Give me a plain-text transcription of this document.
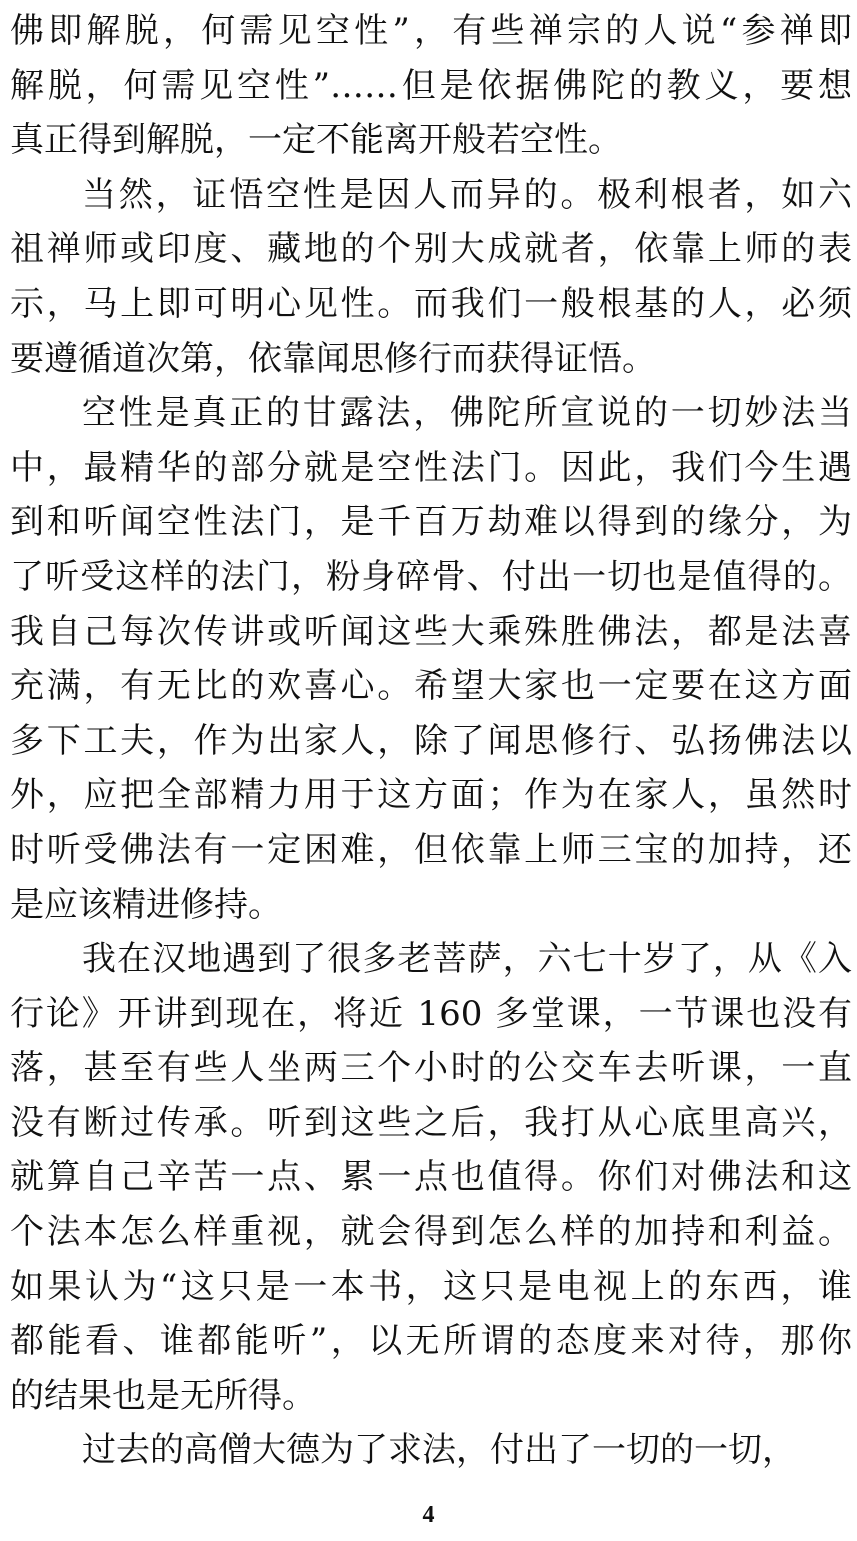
佛即解脱，何需见空性”，有些禅宗的人说“参禅即
解脱，何需见空性”……但是依据佛陀的教义，要想
真正得到解脱，一定不能离开般若空性。
当然，证悟空性是因人而异的。极利根者，如六
祖禅师或印度、藏地的个别大成就者，依靠上师的表
示，马上即可明心见性。而我们一般根基的人，必须
要遵循道次第，依靠闻思修行而获得证悟。
空性是真正的甘露法，佛陀所宣说的一切妙法当
中，最精华的部分就是空性法门。因此，我们今生遇
到和听闻空性法门，是千百万劫难以得到的缘分，为
了听受这样的法门，粉身碎骨、付出一切也是值得的。
我自己每次传讲或听闻这些大乘殊胜佛法，都是法喜
充满，有无比的欢喜心。希望大家也一定要在这方面
多下工夫，作为出家人，除了闻思修行、弘扬佛法以
外，应把全部精力用于这方面；作为在家人，虽然时
时听受佛法有一定困难，但依靠上师三宝的加持，还
是应该精进修持。
我在汉地遇到了很多老菩萨，六七十岁了，从《入
行论》开讲到现在，将近 160 多堂课，一节课也没有
落，甚至有些人坐两三个小时的公交车去听课，一直
没有断过传承。听到这些之后，我打从心底里高兴，
就算自己辛苦一点、累一点也值得。你们对佛法和这
个法本怎么样重视，就会得到怎么样的加持和利益。
如果认为“这只是一本书，这只是电视上的东西，谁
都能看、谁都能听”，以无所谓的态度来对待，那你
的结果也是无所得。
过去的高僧大德为了求法，付出了一切的一切，
4
